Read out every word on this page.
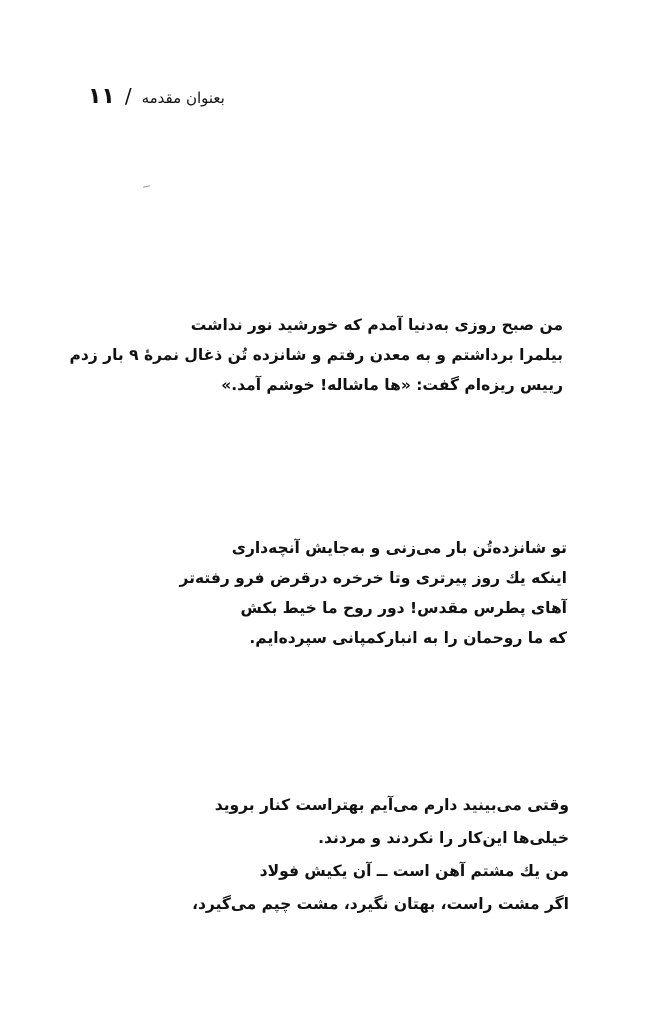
بعنوان مقدمه
/
١١
من صبح روزی به‌دنیا آمدم که خورشید نور نداشت
بیلمرا برداشتم و به معدن رفتم و شانزده تُن ذغال نمرهٔ ۹ بار زدم
رییس ریزه‌ام گفت: «ها ماشاله! خوشم آمد.»
تو شانزده‌تُن بار می‌زنی و به‌جایش آنچه‌داری
اینکه یك روز پیرتری وتا خرخره درقرض فرو رفته‌تر
آهای پطرس مقدس! دور روح ما خیط بکش
که ما روحمان را به انبارکمپانی سپرده‌ایم.
وقتی می‌بینید دارم می‌آیم بهتراست کنار بروید
خیلی‌ها این‌کار را نکردند و مردند.
من یك مشتم آهن است ــ آن یکیش فولاد
اگر مشت راست، بهتان نگیرد، مشت چپم می‌گیرد،
